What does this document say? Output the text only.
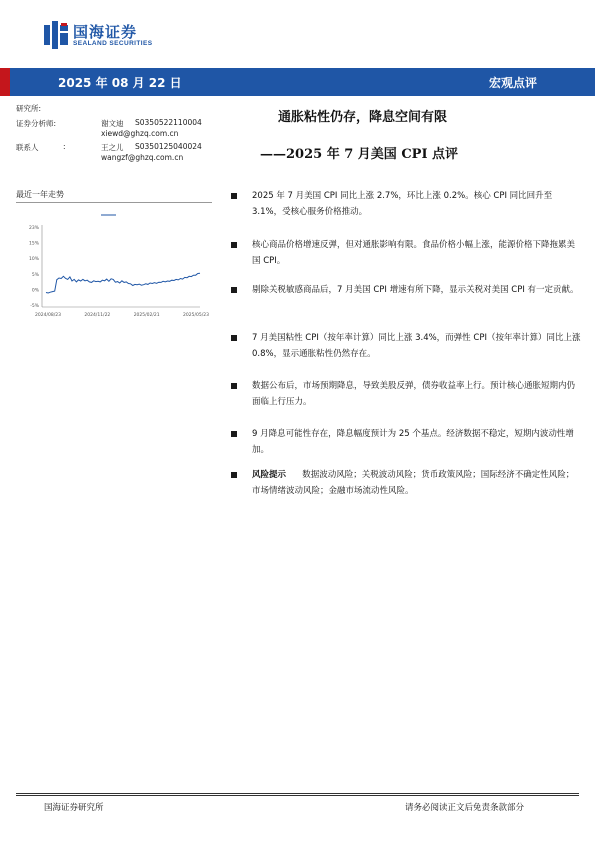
国海证券
SEALAND SECURITIES
2025 年 08 月 22 日	宏观点评
研究所:
证券分析师:	谢文迪 S0350522110004
xiewd@ghzq.com.cn
联系人	:	王之儿 S0350125040024
wangzf@ghzq.com.cn
通胀粘性仍存，降息空间有限
——2025 年 7 月美国 CPI 点评
最近一年走势
23%
15%
10%
5%
0%
-5%
2024/08/23	2024/11/22	2025/02/21	2025/05/23
2025 年 7 月美国 CPI 同比上涨 2.7%，环比上涨 0.2%。核心 CPI 同比回升至 3.1%，受核心服务价格推动。
核心商品价格增速反弹，但对通胀影响有限。食品价格小幅上涨，能源价格下降拖累美国 CPI。
剔除关税敏感商品后，7 月美国 CPI 增速有所下降，显示关税对美国 CPI 有一定贡献。
7 月美国粘性 CPI（按年率计算）同比上涨 3.4%，而弹性 CPI（按年率计算）同比上涨 0.8%，显示通胀粘性仍然存在。
数据公布后，市场预期降息，导致美股反弹，债券收益率上行。预计核心通胀短期内仍面临上行压力。
9 月降息可能性存在，降息幅度预计为 25 个基点。经济数据不稳定，短期内波动性增加。
风险提示 数据波动风险；关税波动风险；货币政策风险；国际经济不确定性风险；市场情绪波动风险；金融市场流动性风险。
国海证券研究所	请务必阅读正文后免责条款部分
